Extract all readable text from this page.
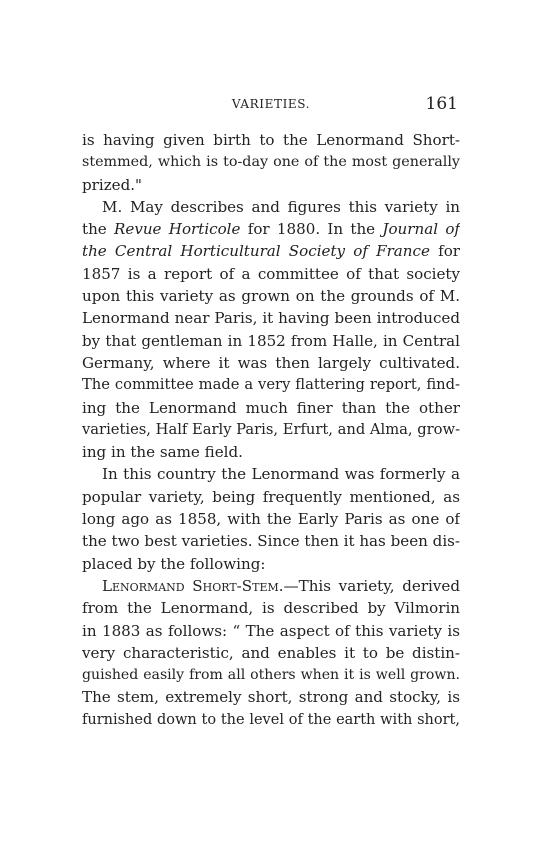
VARIETIES.	161
is having given birth to the Lenormand Short-
stemmed, which is to-day one of the most generally
prized."
M. May describes and figures this variety in
the Revue Horticole for 1880. In the Journal of
the Central Horticultural Society of France for
1857 is a report of a committee of that society
upon this variety as grown on the grounds of M.
Lenormand near Paris, it having been introduced
by that gentleman in 1852 from Halle, in Central
Germany, where it was then largely cultivated.
The committee made a very flattering report, find-
ing the Lenormand much finer than the other
varieties, Half Early Paris, Erfurt, and Alma, grow-
ing in the same field.
In this country the Lenormand was formerly a
popular variety, being frequently mentioned, as
long ago as 1858, with the Early Paris as one of
the two best varieties. Since then it has been dis-
placed by the following:
Lenormand Short-Stem.—This variety, derived
from the Lenormand, is described by Vilmorin
in 1883 as follows: “ The aspect of this variety is
very characteristic, and enables it to be distin-
guished easily from all others when it is well grown.
The stem, extremely short, strong and stocky, is
furnished down to the level of the earth with short,
